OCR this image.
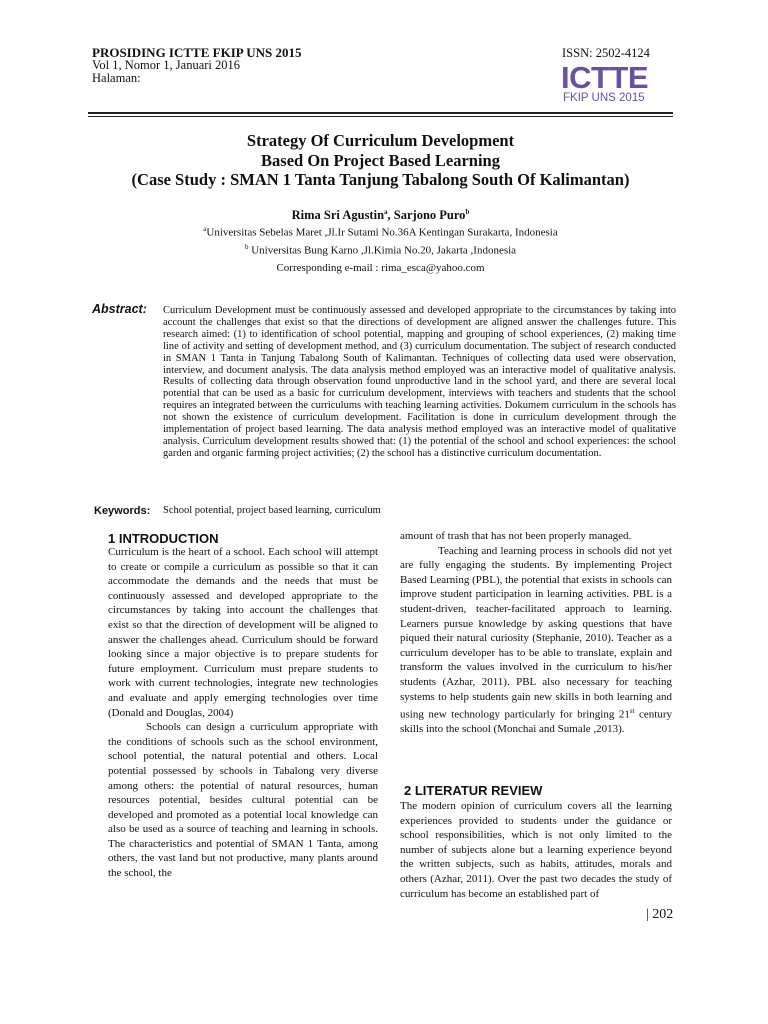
PROSIDING ICTTE FKIP UNS 2015
Vol 1, Nomor 1, Januari 2016
Halaman:
ISSN: 2502-4124
ICTTE
FKIP UNS 2015
Strategy Of Curriculum Development
Based On Project Based Learning
(Case Study : SMAN 1 Tanta Tanjung Tabalong South Of Kalimantan)
Rima Sri Agustin$^a$, Sarjono Puro$^b$
$^a$Universitas Sebelas Maret ,Jl.Ir Sutami No.36A Kentingan Surakarta, Indonesia
$^b$ Universitas Bung Karno ,Jl.Kimia No.20, Jakarta ,Indonesia
Corresponding e-mail : rima_esca@yahoo.com
Abstract: Curriculum Development must be continuously assessed and developed appropriate to the circumstances by taking into account the challenges that exist so that the directions of development are aligned answer the challenges future. This research aimed: (1) to identification of school potential, mapping and grouping of school experiences, (2) making time line of activity and setting of development method, and (3) curriculum documentation. The subject of research conducted in SMAN 1 Tanta in Tanjung Tabalong South of Kalimantan. Techniques of collecting data used were observation, interview, and document analysis. The data analysis method employed was an interactive model of qualitative analysis. Results of collecting data through observation found unproductive land in the school yard, and there are several local potential that can be used as a basic for curriculum development, interviews with teachers and students that the school requires an integrated between the curriculums with teaching learning activities. Dokumem curriculum in the schools has not shown the existence of curriculum development. Facilitation is done in curriculum development through the implementation of project based learning. The data analysis method employed was an interactive model of qualitative analysis. Curriculum development results showed that: (1) the potential of the school and school experiences: the school garden and organic farming project activities; (2) the school has a distinctive curriculum documentation.
Keywords: School potential, project based learning, curriculum
1 INTRODUCTION

Curriculum is the heart of a school. Each school will attempt to create or compile a curriculum as possible so that it can accommodate the demands and the needs that must be continuously assessed and developed appropriate to the circumstances by taking into account the challenges that exist so that the direction of development will be aligned to answer the challenges ahead. Curriculum should be forward looking since a major objective is to prepare students for future employment. Curriculum must prepare students to work with current technologies, integrate new technologies and evaluate and apply emerging technologies over time (Donald and Douglas, 2004)

Schools can design a curriculum appropriate with the conditions of schools such as the school environment, school potential, the natural potential and others. Local potential possessed by schools in Tabalong very diverse among others: the potential of natural resources, human resources potential, besides cultural potential can be developed and promoted as a potential local knowledge can also be used as a source of teaching and learning in schools. The characteristics and potential of SMAN 1 Tanta, among others, the vast land but not productive, many plants around the school, the

amount of trash that has not been properly managed.

Teaching and learning process in schools did not yet are fully engaging the students. By implementing Project Based Learning (PBL), the potential that exists in schools can improve student participation in learning activities. PBL is a student-driven, teacher-facilitated approach to learning. Learners pursue knowledge by asking questions that have piqued their natural curiosity (Stephanie, 2010). Teacher as a curriculum developer has to be able to translate, explain and transform the values involved in the curriculum to his/her students (Azhar, 2011). PBL also necessary for teaching systems to help students gain new skills in both learning and using new technology particularly for bringing 21st century skills into the school (Monchai and Sumale ,2013).

2 LITERATUR REVIEW

The modern opinion of curriculum covers all the learning experiences provided to students under the guidance or school responsibilities, which is not only limited to the number of subjects alone but a learning experience beyond the written subjects, such as habits, attitudes, morals and others (Azhar, 2011). Over the past two decades the study of curriculum has become an established part of

| 202
